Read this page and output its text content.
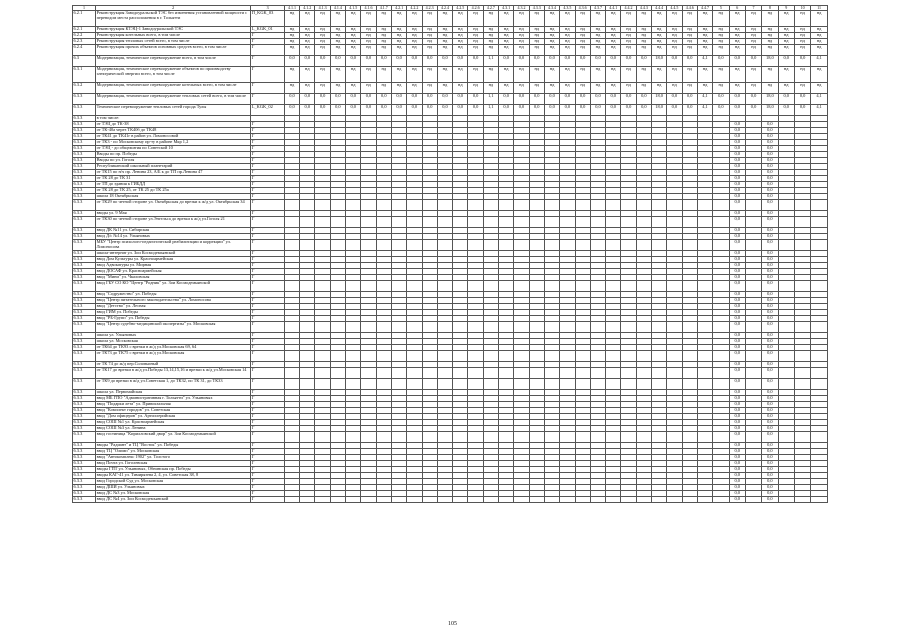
1	2	3	4.1.1	4.1.2	4.1.3	4.1.4	4.1.5	4.1.6	4.1.7	4.2.1	4.2.2	4.2.3	4.2.4	4.2.5	4.2.6	4.2.7	4.3.1	4.3.2	4.3.3	4.3.4	4.3.5	4.3.6	4.3.7	4.4.1	4.4.2	4.4.3	4.4.4	4.4.5	4.4.6	4.4.7	5	6	7	8	9	10	11
6.2.1	Реконструкция Заводоуральской ТЭС без изменения установленной мощности с переводом места расположения в г. Тольятти	П_KGK_03	нд	нд	нд	нд	нд	нд	нд	нд	нд	нд	нд	нд	нд	нд	нд	нд	нд	нд	нд	нд	нд	нд	нд	нд	нд	нд	нд	нд	нд	нд	нд	нд	нд	нд	нд
6.2.1	Реконструкция КТЭЦ-1 Заводоуральской ТЭС	L_KGK_01	нд	нд	нд	нд	нд	нд	нд	нд	нд	нд	нд	нд	нд	нд	нд	нд	нд	нд	нд	нд	нд	нд	нд	нд	нд	нд	нд	нд	нд	нд	нд	нд	нд	нд	нд
6.2.2	Реконструкция котельных всего, в том числе	Г	нд	нд	нд	нд	нд	нд	нд	нд	нд	нд	нд	нд	нд	нд	нд	нд	нд	нд	нд	нд	нд	нд	нд	нд	нд	нд	нд	нд	нд	нд	нд	нд	нд	нд	нд
6.2.3	Реконструкция тепловых сетей всего, в том числе	Г	нд	нд	нд	нд	нд	нд	нд	нд	нд	нд	нд	нд	нд	нд	нд	нд	нд	нд	нд	нд	нд	нд	нд	нд	нд	нд	нд	нд	нд	нд	нд	нд	нд	нд	нд
6.2.4	Реконструкция прочих объектов основных средств всего, в том числе	Г	нд	нд	нд	нд	нд	нд	нд	нд	нд	нд	нд	нд	нд	нд	нд	нд	нд	нд	нд	нд	нд	нд	нд	нд	нд	нд	нд	нд	нд	нд	нд	нд	нд	нд	нд
6.3	Модернизация, техническое перевооружение всего, в том числе	Г	0,0	0,0	0,0	0,0	0,0	0,0	0,0	0,0	0,0	0,0	0,0	0,0	0,0	1,1	0,0	0,0	0,0	0,0	0,0	0,0	0,0	0,0	0,0	0,0	18,0	0,0	0,0	4,1	0,0	0,0	0,0	18,0	0,0	0,0	4,1
6.3.1	Модернизация, техническое перевооружение объектов по производству электрической энергии всего, в том числе	Г	нд	нд	нд	нд	нд	нд	нд	нд	нд	нд	нд	нд	нд	нд	нд	нд	нд	нд	нд	нд	нд	нд	нд	нд	нд	нд	нд	нд	нд	нд	нд	нд	нд	нд	нд
6.3.2	Модернизация, техническое перевооружение котельных всего, в том числе	Г	нд	нд	нд	нд	нд	нд	нд	нд	нд	нд	нд	нд	нд	нд	нд	нд	нд	нд	нд	нд	нд	нд	нд	нд	нд	нд	нд	нд	нд	нд	нд	нд	нд	нд	нд
6.3.3	Модернизация, техническое перевооружение тепловых сетей всего, в том числе	Г	0,0	0,0	0,0	0,0	0,0	0,0	0,0	0,0	0,0	0,0	0,0	0,0	0,0	1,1	0,0	0,0	0,0	0,0	0,0	0,0	0,0	0,0	0,0	0,0	18,0	0,0	0,0	4,1	0,0	0,0	0,0	18,0	0,0	0,0	4,1
6.3.3	Техническое перевооружение тепловых сетей города Тулы	L_KGK_02	0,0	0,0	0,0	0,0	0,0	0,0	0,0	0,0	0,0	0,0	0,0	0,0	0,0	1,1	0,0	0,0	0,0	0,0	0,0	0,0	0,0	0,0	0,0	0,0	18,0	0,0	0,0	4,1	0,0	0,0	0,0	18,0	0,0	0,0	4,1
6.3.3	в том числе:																																				
6.3.3	от ТЭЦ до ТК-38	Г																														0,0		0,0			
6.3.3	от ТК-40а через ТК40б до ТК48	Г																														0,0		0,0			
6.3.3	от ТК41 до ТК41г в район ул. Ломоносовой	Г																														0,0		0,0			
6.3.3	от ТК3 - по Московскому пр-ту в районе Мкр 1,2	Г																														0,0		0,0			
6.3.3	от ТЭЦ - до общежития по Советской 10	Г																														0,0		0,0			
6.3.3	Вводы по пр. Победы	Г																														0,0		0,0			
6.3.3	Вводы по ул. Гоголя	Г																														0,0		0,0			
6.3.3	Республиканский школьный планетарий	Г																														0,0		0,0			
6.3.3	от ТК15 по н/ч пр. Ленина 23, А/Б к до ТП пр.Ленина 47	Г																														0,0		0,0			
6.3.3	от ТК 28 до ТК 31	Г																														0,0		0,0			
6.3.3	от ТП до здания к ГИБДД	Г																														0,0		0,0			
6.3.3	от ТК 28 до ТК 25, от ТК 25 до ТК 25а	Г																														0,0		0,0			
6.3.3	школа 18 Октябрьская	Г																														0,0		0,0			
6.3.3	от ТК29 по четной стороне ул. Октябрьская до врезки к ж/д ул. Октябрьская 34	Г																														0,0		0,0			
6.3.3	вводы ул. 9 Мая	Г																														0,0		0,0			
6.3.3	от ТК30 по четной стороне ул.Энгельса до врезки к ж/д ул.Гоголя 21	Г																														0,0		0,0			
6.3.3	ввод ДК №11 ул. Сибирская	Г																														0,0		0,0			
6.3.3	ввод Д/с №14 ул. Ульяновых	Г																														0,0		0,0			
6.3.3	МБУ "Центр психолого-педагогической реабилитации и коррекции" ул. Ломоносова	Г																														0,0		0,0			
6.3.3	школа-интернат ул. Зои Космодемьянской	Г																														0,0		0,0			
6.3.3	ввод Дом Культуры ул. Красноармейская	Г																														0,0		0,0			
6.3.3	ввод Адвокатуры ул. Мирная	Г																														0,0		0,0			
6.3.3	ввод ДОСАФ ул. Красноармейская	Г																														0,0		0,0			
6.3.3	ввод "Мини" ул. Чкаловская	Г																														0,0		0,0			
6.3.3	ввод ГБУ СО КО "Центр "Родник" ул. Зои Космодемьянской	Г																														0,0		0,0			
6.3.3	ввод "Содружество" ул. Победы	Г																														0,0		0,0			
6.3.3	ввод "Центр питательного законодательства" ул. Ломоносова	Г																														0,0		0,0			
6.3.3	ввод "Детство" ул. Лесная	Г																														0,0		0,0			
6.3.3	ввод ГИМ ул. Победы	Г																														0,0		0,0			
6.3.3	ввод "РБ-Групп" ул. Победы	Г																														0,0		0,0			
6.3.3	ввод "Центр судебно-медицинской экспертизы" ул. Московская	Г																														0,0		0,0			
6.3.3	школа ул. Ульяновых	Г																														0,0		0,0			
6.3.3	школа ул. Московская	Г																														0,0		0,0			
6.3.3	от ТК64 до ТК93 с врезки в ж/д ул.Московская 69, 64	Г																														0,0		0,0			
6.3.3	от ТК73 до ТК75 с врезки в ж/д ул.Московская	Г																														0,0		0,0			
6.3.3	от ТК 74 до ж/д пер.Соловьиный	Г																														0,0		0,0			
6.3.3	от ТК17 до врезки в ж/д ул.Победы 13,14,15,16 и врезки к ж/д ул.Московская 14	Г																														0,0		0,0			
6.3.3	от ТК9 до врезки в ж/д ул.Советская 1, до ТК32, по ТК 31, до ТК33	Г																														0,0		0,0			
6.3.3	школа ул. Первомайская	Г																														0,0		0,0			
6.3.3	ввод МБ ГПО "Административная г. Тольятти" ул. Ульяновых	Г																														0,0		0,0			
6.3.3	ввод "Подарки лета" ул. Привокзальная	Г																														0,0		0,0			
6.3.3	ввод "Комплект городов" ул. Советская	Г																														0,0		0,0			
6.3.3	ввод "Дом офицеров" ул. Артиллерийская	Г																														0,0		0,0			
6.3.3	ввод СОШ №1 ул. Красноармейская	Г																														0,0		0,0			
6.3.3	ввод СОШ №3 ул. Ленина	Г																														0,0		0,0			
6.3.3	ввод гостиница "Кирилловский двор" ул. Зои Космодемьянской	Г																														0,0		0,0			
6.3.3	вводы "Радиант" и ТЦ "Восток" ул. Победы	Г																														0,0		0,0			
6.3.3	ввод ТЦ "Олимп" ул. Московская	Г																														0,0		0,0			
6.3.3	ввод "Автокомплекс 1902" ул. Толстого	Г																														0,0		0,0			
6.3.3	ввод Почта ул. Гоголевская	Г																														0,0		0,0			
6.3.3	вводы ГПТ ул. Ульяновых, Обнинская пр. Победы	Г																														0,0		0,0			
6.3.3	вводы КАГ-41 ул. Тимирязева 2, 4, ул. Советская 38, 8	Г																														0,0		0,0			
6.3.3	ввод Городской Суд ул. Московская	Г																														0,0		0,0			
6.3.3	ввод ДШИ ул. Ульяновых	Г																														0,0		0,0			
6.3.3	ввод ДС №3 ул. Московская	Г																														0,0		0,0			
6.3.3	ввод ДС №4 ул. Зои Космодемьянской	Г																														0,0		0,0			
105
